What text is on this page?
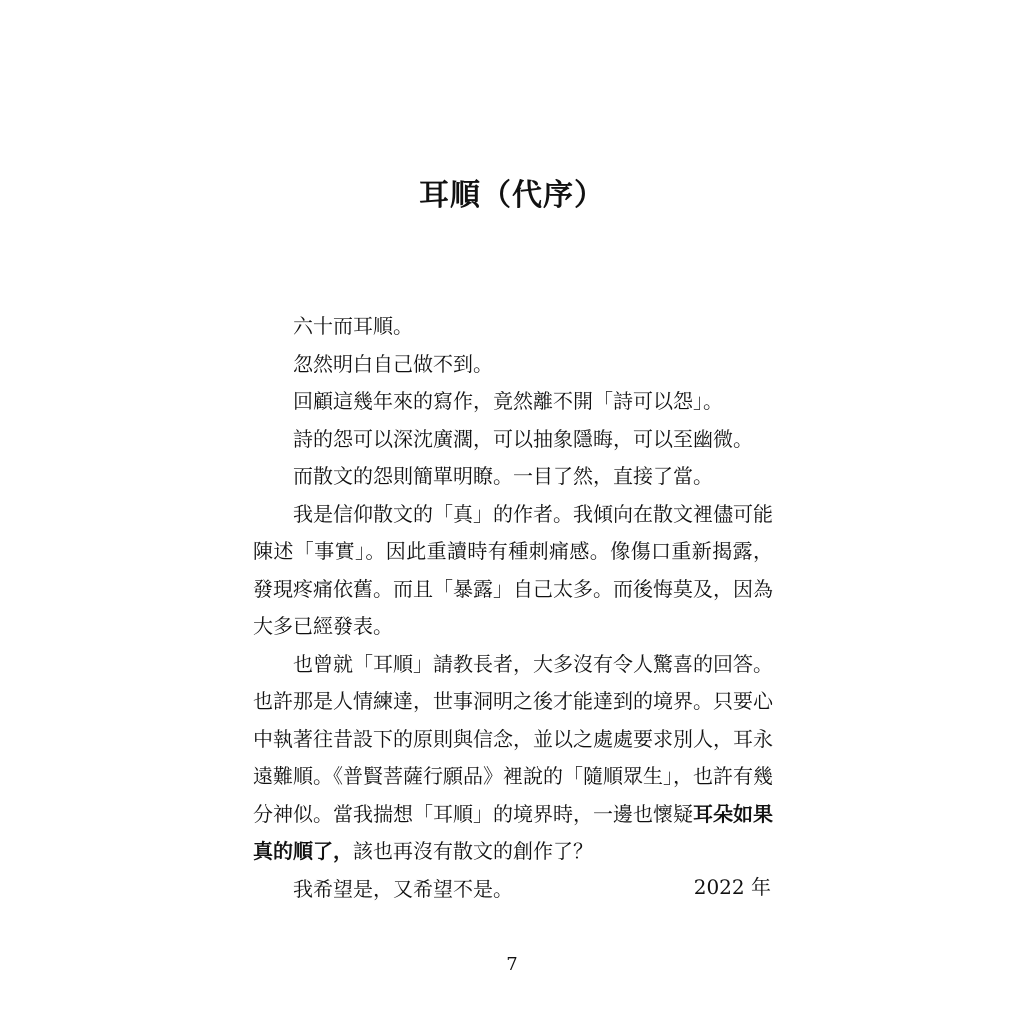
耳順（代序）

六十而耳順。

忽然明白自己做不到。

回顧這幾年來的寫作，竟然離不開「詩可以怨」。

詩的怨可以深沈廣濶，可以抽象隱晦，可以至幽微。

而散文的怨則簡單明瞭。一目了然，直接了當。

我是信仰散文的「真」的作者。我傾向在散文裡儘可能陳述「事實」。因此重讀時有種刺痛感。像傷口重新揭露，發現疼痛依舊。而且「暴露」自己太多。而後悔莫及，因為大多已經發表。

也曾就「耳順」請教長者，大多沒有令人驚喜的回答。也許那是人情練達，世事洞明之後才能達到的境界。只要心中執著往昔設下的原則與信念，並以之處處要求別人，耳永遠難順。《普賢菩薩行願品》裡說的「隨順眾生」，也許有幾分神似。當我揣想「耳順」的境界時，一邊也懷疑耳朵如果真的順了，該也再沒有散文的創作了？

我希望是，又希望不是。	2022 年
7
